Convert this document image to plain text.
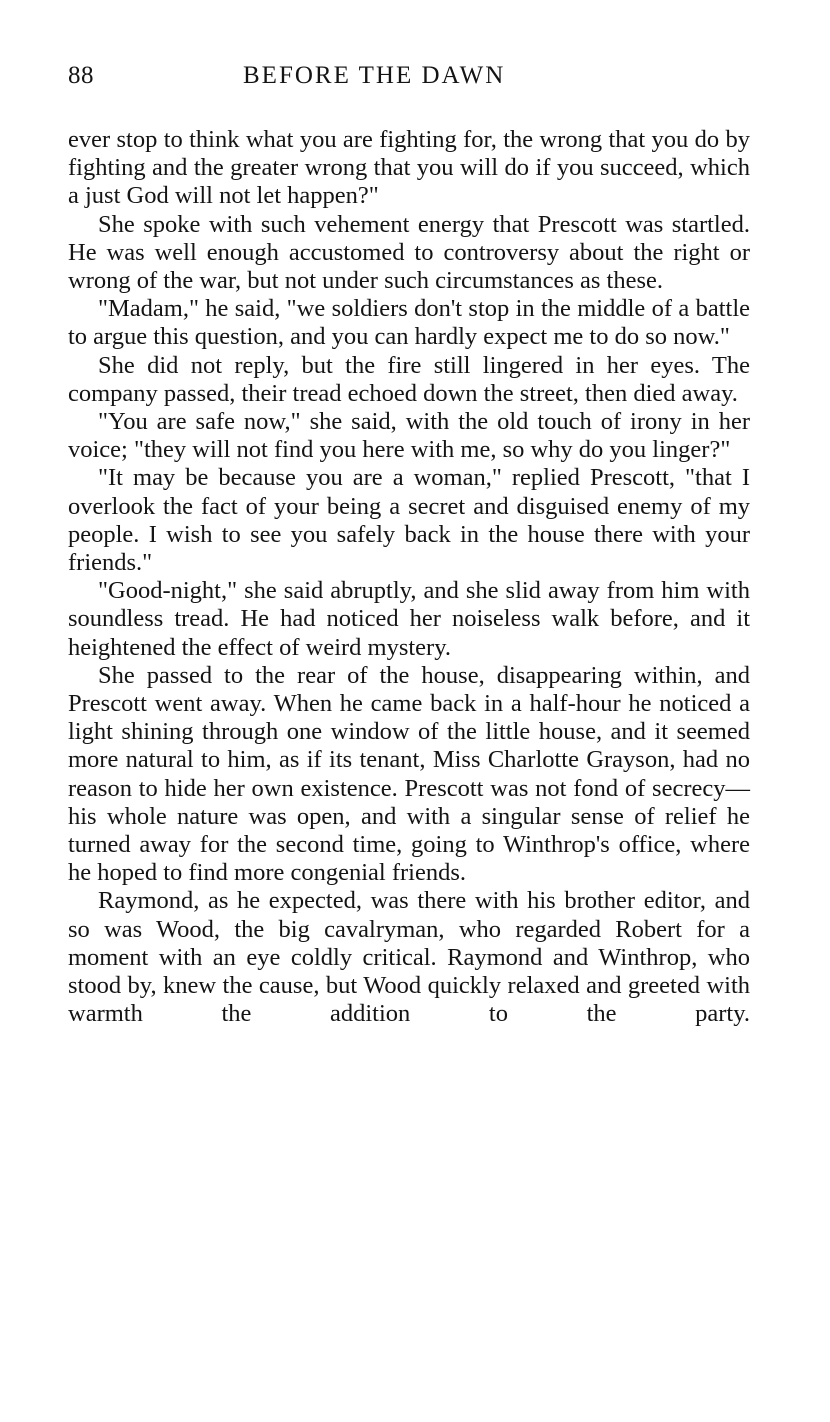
88	BEFORE THE DAWN

ever stop to think what you are fighting for, the wrong that you do by fighting and the greater wrong that you will do if you succeed, which a just God will not let happen?"

She spoke with such vehement energy that Prescott was startled. He was well enough accustomed to controversy about the right or wrong of the war, but not under such circumstances as these.

"Madam," he said, "we soldiers don't stop in the middle of a battle to argue this question, and you can hardly expect me to do so now."

She did not reply, but the fire still lingered in her eyes. The company passed, their tread echoed down the street, then died away.

"You are safe now," she said, with the old touch of irony in her voice; "they will not find you here with me, so why do you linger?"

"It may be because you are a woman," replied Prescott, "that I overlook the fact of your being a secret and disguised enemy of my people. I wish to see you safely back in the house there with your friends."

"Good-night," she said abruptly, and she slid away from him with soundless tread. He had noticed her noiseless walk before, and it heightened the effect of weird mystery.

She passed to the rear of the house, disappearing within, and Prescott went away. When he came back in a half-hour he noticed a light shining through one window of the little house, and it seemed more natural to him, as if its tenant, Miss Charlotte Grayson, had no reason to hide her own existence. Prescott was not fond of secrecy—his whole nature was open, and with a singular sense of relief he turned away for the second time, going to Winthrop's office, where he hoped to find more congenial friends.

Raymond, as he expected, was there with his brother editor, and so was Wood, the big cavalryman, who regarded Robert for a moment with an eye coldly critical. Raymond and Winthrop, who stood by, knew the cause, but Wood quickly relaxed and greeted with warmth the addition to the party.
